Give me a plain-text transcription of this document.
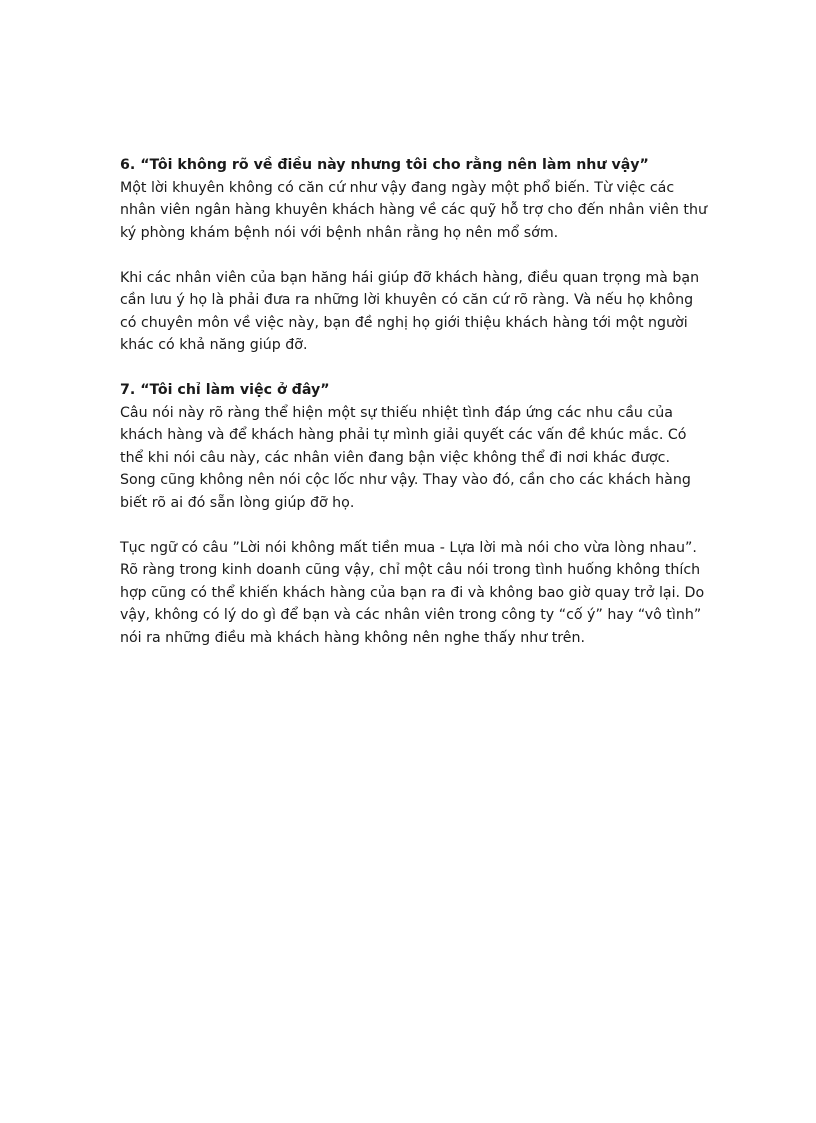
6. “Tôi không rõ về điều này nhưng tôi cho rằng nên làm như vậy”

Một lời khuyên không có căn cứ như vậy đang ngày một phổ biến. Từ việc các nhân viên ngân hàng khuyên khách hàng về các quỹ hỗ trợ cho đến nhân viên thư ký phòng khám bệnh nói với bệnh nhân rằng họ nên mổ sớm.

Khi các nhân viên của bạn hăng hái giúp đỡ khách hàng, điều quan trọng mà bạn cần lưu ý họ là phải đưa ra những lời khuyên có căn cứ rõ ràng. Và nếu họ không có chuyên môn về việc này, bạn đề nghị họ giới thiệu khách hàng tới một người khác có khả năng giúp đỡ.

7. “Tôi chỉ làm việc ở đây”

Câu nói này rõ ràng thể hiện một sự thiếu nhiệt tình đáp ứng các nhu cầu của khách hàng và để khách hàng phải tự mình giải quyết các vấn đề khúc mắc. Có thể khi nói câu này, các nhân viên đang bận việc không thể đi nơi khác được. Song cũng không nên nói cộc lốc như vậy. Thay vào đó, cần cho các khách hàng biết rõ ai đó sẵn lòng giúp đỡ họ.

Tục ngữ có câu ”Lời nói không mất tiền mua - Lựa lời mà nói cho vừa lòng nhau”. Rõ ràng trong kinh doanh cũng vậy, chỉ một câu nói trong tình huống không thích hợp cũng có thể khiến khách hàng của bạn ra đi và không bao giờ quay trở lại. Do vậy, không có lý do gì để bạn và các nhân viên trong công ty “cố ý” hay “vô tình” nói ra những điều mà khách hàng không nên nghe thấy như trên.
